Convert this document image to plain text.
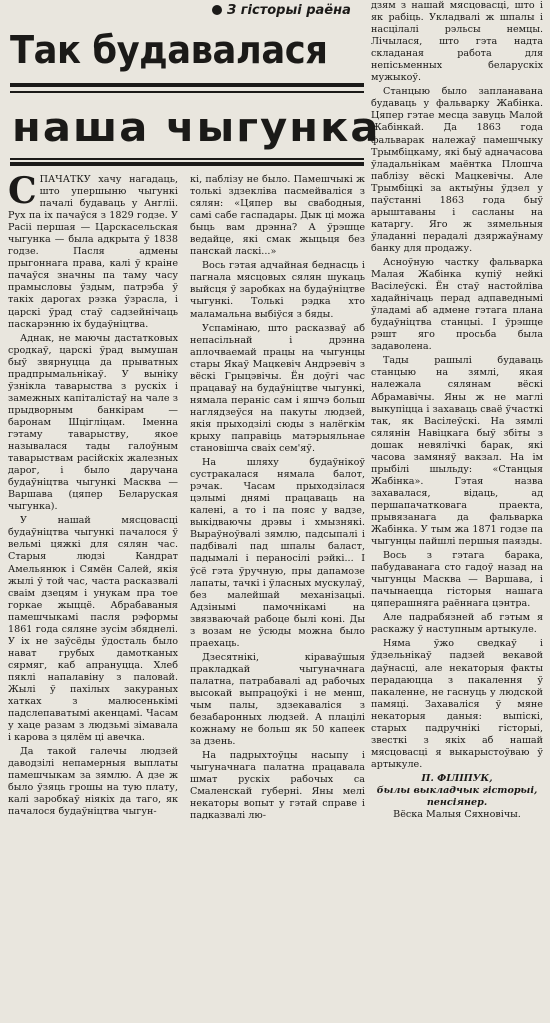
З гісторыі раёна
Так будавалася
наша чыгунка

СПАЧАТКУ хачу нагадаць, што упершыню чыгункі пачалі будаваць у Англіі. Рух па іх пачаўся з 1829 годзе. У Расіі першая — Царскасельская чыгунка — была адкрыта ў 1838 годзе. Пасля адмены прыгоннага права, калі ў краіне пачаўся значны па таму часу прамысловы ўздым, патрэба ў такіх дарогах рэзка ўзрасла, і царскі ўрад стаў садзейнічаць паскарэнню іх будаўніцтва.

Аднак, не маючы дастатковых сродкаў, царскі ўрад вымушан быў звярнуцца да прыватных прадпрымальнікаў. У выніку ўзнікла таварыства з рускіх і замежных капіталістаў на чале з прыдворным банкірам — баронам Шціглiцам. Іменна гэтаму таварыству, якое называлася тады галоўным таварыствам расійскіх жалезных дарог, і было даручана будаўніцтва чыгункі Масква — Варшава (цяпер Беларуская чыгунка).

У нашай мясцовасці будаўніцтва чыгункі пачалося ў вельмі цяжкі для сялян час. Старыя людзі Кандрат Амельянюк і Сямён Салей, якія жылі ў той час, часта расказвалі сваім дзецям і унукам пра тое горкае жыццё. Абрабаваныя памешчыкамі пасля рэформы 1861 года сяляне зусім збяднелі. У іх не заўсёды ўдосталь было нават грубых дамотканых сярмяг, каб апрануцца. Хлеб пяклі напалавіну з паловай. Жылі ў пахілых закураных хатках з малюсенькімі падслепаватымі акенцамі. Часам у хаце разам з людзьмі зімавала і карова з цялём ці авечка.

Да такой галечы людзей даводзілі непамерныя выплаты памешчыкам за зямлю. А дзе ж было ўзяць грошы на тую плату, калі заробкаў ніякіх да таго, як пачалося будаўніцтва чыгун-

кі, паблізу не было. Памешчыкі ж толькі здзекліва пасмейваліся з сялян: «Цяпер вы свабодныя, самі сабе гаспадары. Дык ці можа быць вам дрэнна? А ўрэшце ведайце, які смак жыцьця без панскай ласкі...»

Вось гэтая адчайная беднасць і пагнала мясцовых сялян шукаць выйсця ў заробках на будаўніцтве чыгункі. Толькі рэдка хто маламальна выбіўся з бяды.

Успамінаю, што расказваў аб непасільнай і дрэнна аплочваемай працы на чыгунцы стары Якаў Мацкевіч Андрэевіч з вёскі Грыцэвічы. Ён доўгі час працаваў на будаўніцтве чыгункі, нямала пераніс сам і яшчэ больш наглядзеўся на пакуты людзей, якія прыходзілі сюды з налёгкім крыху паправіць матэрыяльнае становішча сваіх сем'яў.

На шляху будаўнікоў сустракалася нямала балот, рэчак. Часам прыходзілася цэлымі днямі працаваць на калені, а то і па пояс у вадзе, выкідваючы дрэвы і хмызнякі. Выраўноўвалі зямлю, падсыпалі і падбівалі пад шпалы баласт, падымалі і пераносілі рэйкі... І ўсё гэта ўручную, пры дапамозе лапаты, тачкі і ўласных мускулаў, без малейшай механізацыі. Адзінымі памочнікамі на звязваючай рабоце былі коні. Ды з возам не ўсюды можна было праехаць.

Дзесятнікі, кіраваўшыя пракладкай чыгуначнага палатна, патрабавалі ад рабочых высокай выпрацоўкі і не менш, чым палы, здзекаваліся з безабаронных людзей. А плацілі кожнаму не больш як 50 капеек за дзень.

На падрыхтоўцы насыпу і чыгуначнага палатна працавала шмат рускіх рабочых са Смаленскай губерні. Яны мелі некаторы вопыт у гэтай справе і падказвалі лю-

дзям з нашай мясцовасці, што і як рабіць. Укладвалі ж шпалы і насцілалі рэльсы немцы. Лічылася, што гэта надта складаная работа для непісьменных беларускіх мужыкоў.

Станцыю было запланавана будаваць у фальварку Жабінка. Цяпер гэтае месца завуць Малой Жабінкай. Да 1863 года фальварак належаў памешчыку Трымбіцкаму, які быў адначасова ўладальнікам маёнтка Плошча паблізу вёскі Мацкевічы. Але Трымбіцкі за актыўны ўдзел у паўстанні 1863 года быў арыштаваны і сасланы на катаргу. Яго ж зямельныя ўладанні перадалі дзяржаўнаму банку для продажу.

Асноўную частку фальварка Малая Жабінка купіў нейкі Васілеўскі. Ён стаў настойліва хадайнічаць перад адпаведнымі ўладамі аб адмене гэтага плана будаўніцтва станцыі. І ўрэшце рэшт яго просьба была задаволена.

Тады рашылі будаваць станцыю на зямлі, якая належала сялянам вёскі Абрамавічы. Яны ж не маглі выкупіцца і захаваць сваё ўчасткі так, як Васілеўскі. На зямлі сялянін Навіцкага быў збіты з дошак невялічкі барак, які часова замяняў вакзал. На ім прыбілі шыльду: «Станцыя Жабінка». Гэтая назва захавалася, відаць, ад першапачатковага праекта, прывязанага да фальварка Жабінка. У тым жа 1871 годзе па чыгунцы пайшлі першыя паязды.

Вось з гэтага барака, пабудаванага сто гадоў назад на чыгунцы Масква — Варшава, і пачынаецца гісторыя нашага цяперашняга раённага цэнтра.

Але падрабязней аб гэтым я раскажу ў наступным артыкуле.

Няма ўжо сведкаў і ўдзельнікаў падзей векавой даўнасці, але некаторыя факты перадаюцца з пакалення ў пакаленне, не гаснуць у людской памяці. Захаваліся ў мяне некаторыя даныя: выпіскі, старых падручнікі гісторыі, звесткі з якіх аб нашай мясцовасці я выкарыстоўваю ў артыкуле.

П. ФІЛІПУК,
былы выкладчык гісторыі,
пенсіянер.
Вёска Малыя Сяхновічы.
